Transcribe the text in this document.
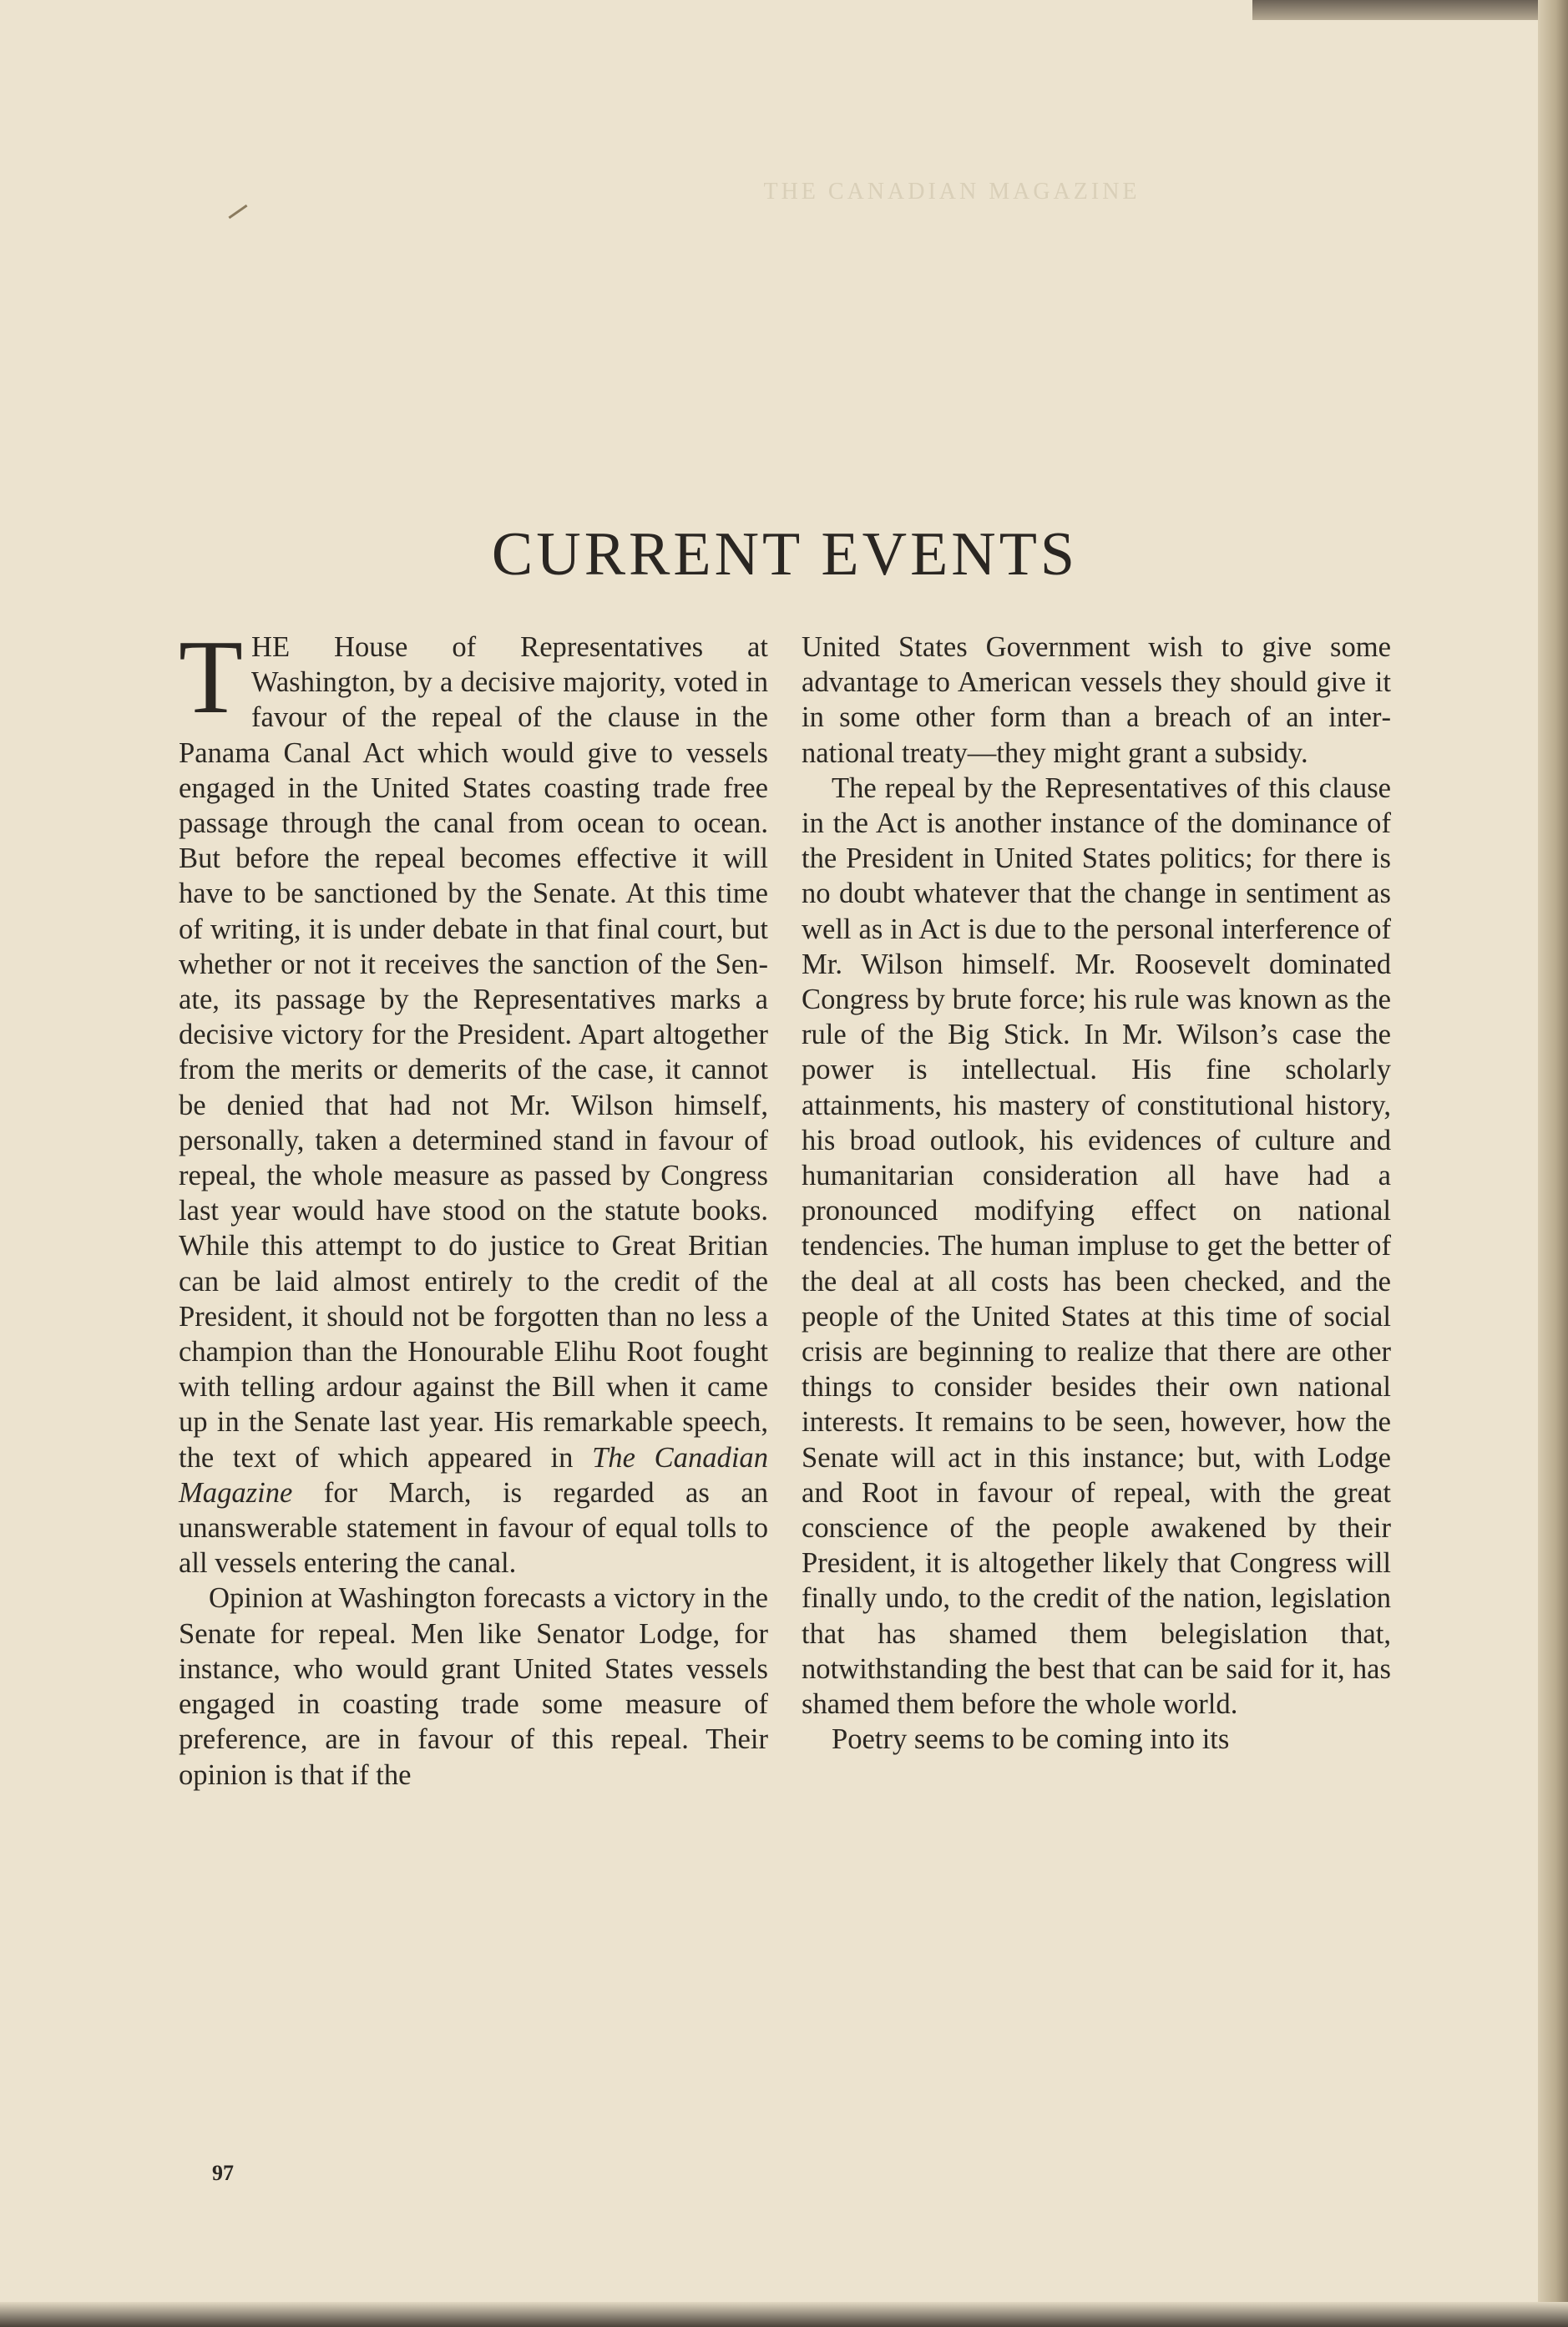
THE CANADIAN MAGAZINE
CURRENT EVENTS

THE House of Representatives at Washington, by a decisive majority, voted in favour of the repeal of the clause in the Panama Canal Act which would give to vessels engaged in the United States coasting trade free passage through the canal from ocean to ocean. But before the repeal becomes effective it will have to be sanctioned by the Senate. At this time of writing, it is under debate in that final court, but whether or not it receives the sanction of the Senate, its passage by the Representatives marks a decisive victory for the President. Apart altogether from the merits or demerits of the case, it cannot be denied that had not Mr. Wilson himself, personally, taken a determined stand in favour of repeal, the whole measure as passed by Congress last year would have stood on the statute books. While this attempt to do justice to Great Britian can be laid almost entirely to the credit of the President, it should not be forgotten than no less a champion than the Honourable Elihu Root fought with telling ardour against the Bill when it came up in the Senate last year. His remarkable speech, the text of which appeared in The Canadian Magazine for March, is regarded as an unanswerable statement in favour of equal tolls to all vessels entering the canal.

Opinion at Washington forecasts a victory in the Senate for repeal. Men like Senator Lodge, for instance, who would grant United States vessels engaged in coasting trade some measure of preference, are in favour of this repeal. Their opinion is that if the

United States Government wish to give some advantage to American vessels they should give it in some other form than a breach of an international treaty—they might grant a subsidy.

The repeal by the Representatives of this clause in the Act is another instance of the dominance of the President in United States politics; for there is no doubt whatever that the change in sentiment as well as in Act is due to the personal interference of Mr. Wilson himself. Mr. Roosevelt dominated Congress by brute force; his rule was known as the rule of the Big Stick. In Mr. Wilson’s case the power is intellectual. His fine scholarly attainments, his mastery of constitutional history, his broad outlook, his evidences of culture and humanitarian consideration all have had a pronounced modifying effect on national tendencies. The human impluse to get the better of the deal at all costs has been checked, and the people of the United States at this time of social crisis are beginning to realize that there are other things to consider besides their own national interests. It remains to be seen, however, how the Senate will act in this instance; but, with Lodge and Root in favour of repeal, with the great conscience of the people awakened by their President, it is altogether likely that Congress will finally undo, to the credit of the nation, legislation that has shamed them belegislation that, notwithstanding the best that can be said for it, has shamed them before the whole world.

Poetry seems to be coming into its

97
